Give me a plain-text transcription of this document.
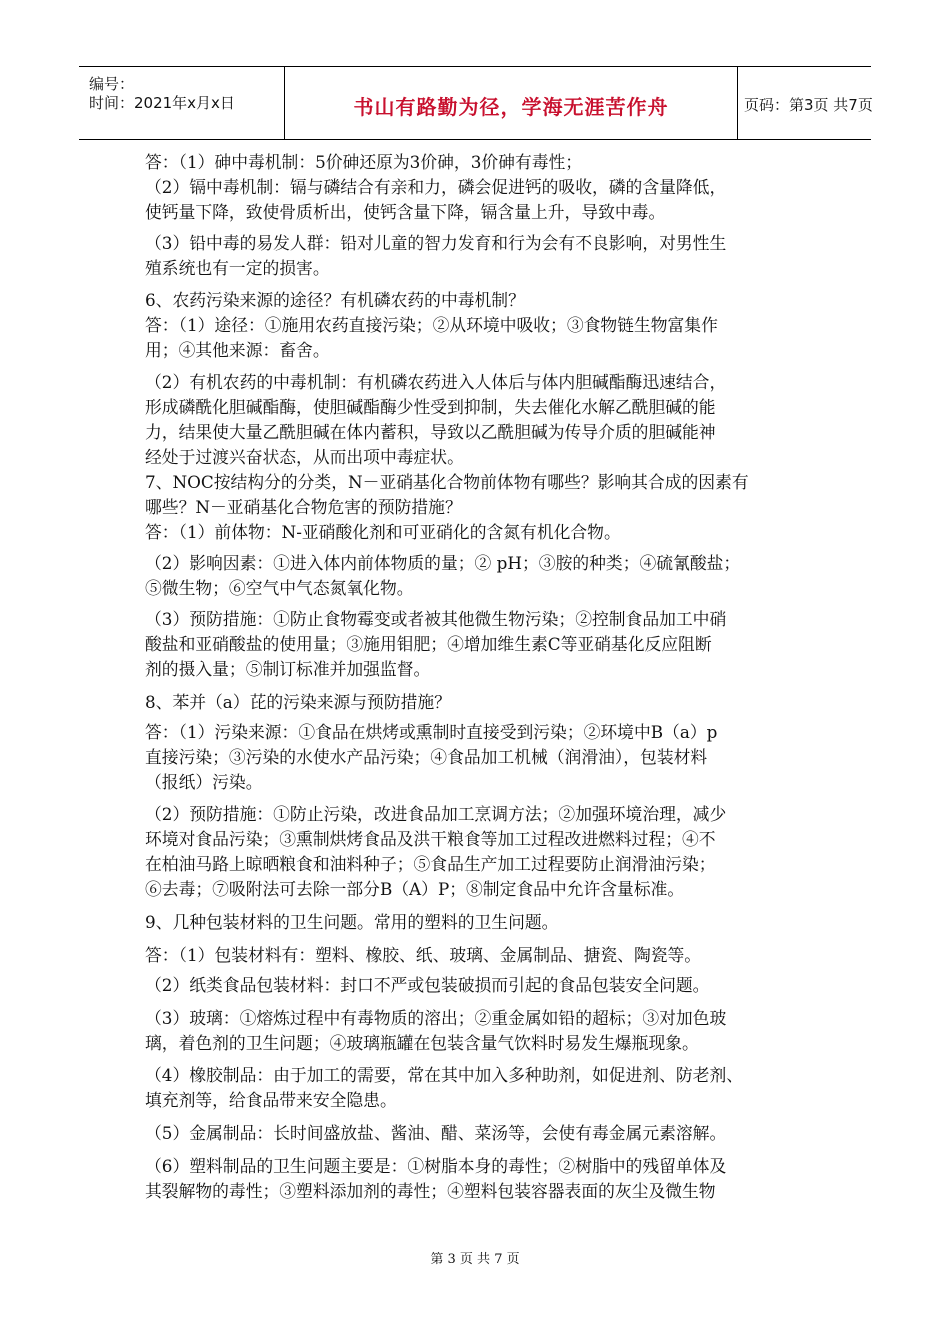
编号：
时间：2021年x月x日	书山有路勤为径，学海无涯苦作舟	页码：第3页 共7页
答：（1）砷中毒机制：5价砷还原为3价砷，3价砷有毒性；
（2）镉中毒机制：镉与磷结合有亲和力，磷会促进钙的吸收，磷的含量降低，
使钙量下降，致使骨质析出，使钙含量下降，镉含量上升，导致中毒。
（3）铅中毒的易发人群：铅对儿童的智力发育和行为会有不良影响，对男性生
殖系统也有一定的损害。
6、农药污染来源的途径？有机磷农药的中毒机制？
答：（1）途径：①施用农药直接污染；②从环境中吸收；③食物链生物富集作
用；④其他来源：畜舍。
（2）有机农药的中毒机制：有机磷农药进入人体后与体内胆碱酯酶迅速结合，
形成磷酰化胆碱酯酶，使胆碱酯酶少性受到抑制，失去催化水解乙酰胆碱的能
力，结果使大量乙酰胆碱在体内蓄积，导致以乙酰胆碱为传导介质的胆碱能神
经处于过渡兴奋状态，从而出项中毒症状。
7、NOC按结构分的分类，N－亚硝基化合物前体物有哪些？影响其合成的因素有
哪些？N－亚硝基化合物危害的预防措施？
答：（1）前体物：N-亚硝酸化剂和可亚硝化的含氮有机化合物。
（2）影响因素：①进入体内前体物质的量；② pH；③胺的种类；④硫氰酸盐；
⑤微生物；⑥空气中气态氮氧化物。
（3）预防措施：①防止食物霉变或者被其他微生物污染；②控制食品加工中硝
酸盐和亚硝酸盐的使用量；③施用钼肥；④增加维生素C等亚硝基化反应阻断
剂的摄入量；⑤制订标准并加强监督。
8、苯并（a）芘的污染来源与预防措施？
答：（1）污染来源：①食品在烘烤或熏制时直接受到污染；②环境中B（a）p
直接污染；③污染的水使水产品污染；④食品加工机械（润滑油），包装材料
（报纸）污染。
（2）预防措施：①防止污染，改进食品加工烹调方法；②加强环境治理，减少
环境对食品污染；③熏制烘烤食品及洪干粮食等加工过程改进燃料过程；④不
在柏油马路上晾晒粮食和油料种子；⑤食品生产加工过程要防止润滑油污染；
⑥去毒；⑦吸附法可去除一部分B（A）P；⑧制定食品中允许含量标准。
9、几种包装材料的卫生问题。常用的塑料的卫生问题。
答：（1）包装材料有：塑料、橡胶、纸、玻璃、金属制品、搪瓷、陶瓷等。
（2）纸类食品包装材料：封口不严或包装破损而引起的食品包装安全问题。
（3）玻璃：①熔炼过程中有毒物质的溶出；②重金属如铅的超标；③对加色玻
璃，着色剂的卫生问题；④玻璃瓶罐在包装含量气饮料时易发生爆瓶现象。
（4）橡胶制品：由于加工的需要，常在其中加入多种助剂，如促进剂、防老剂、
填充剂等，给食品带来安全隐患。
（5）金属制品：长时间盛放盐、酱油、醋、菜汤等，会使有毒金属元素溶解。
（6）塑料制品的卫生问题主要是：①树脂本身的毒性；②树脂中的残留单体及
其裂解物的毒性；③塑料添加剂的毒性；④塑料包装容器表面的灰尘及微生物
第 3 页 共 7 页
